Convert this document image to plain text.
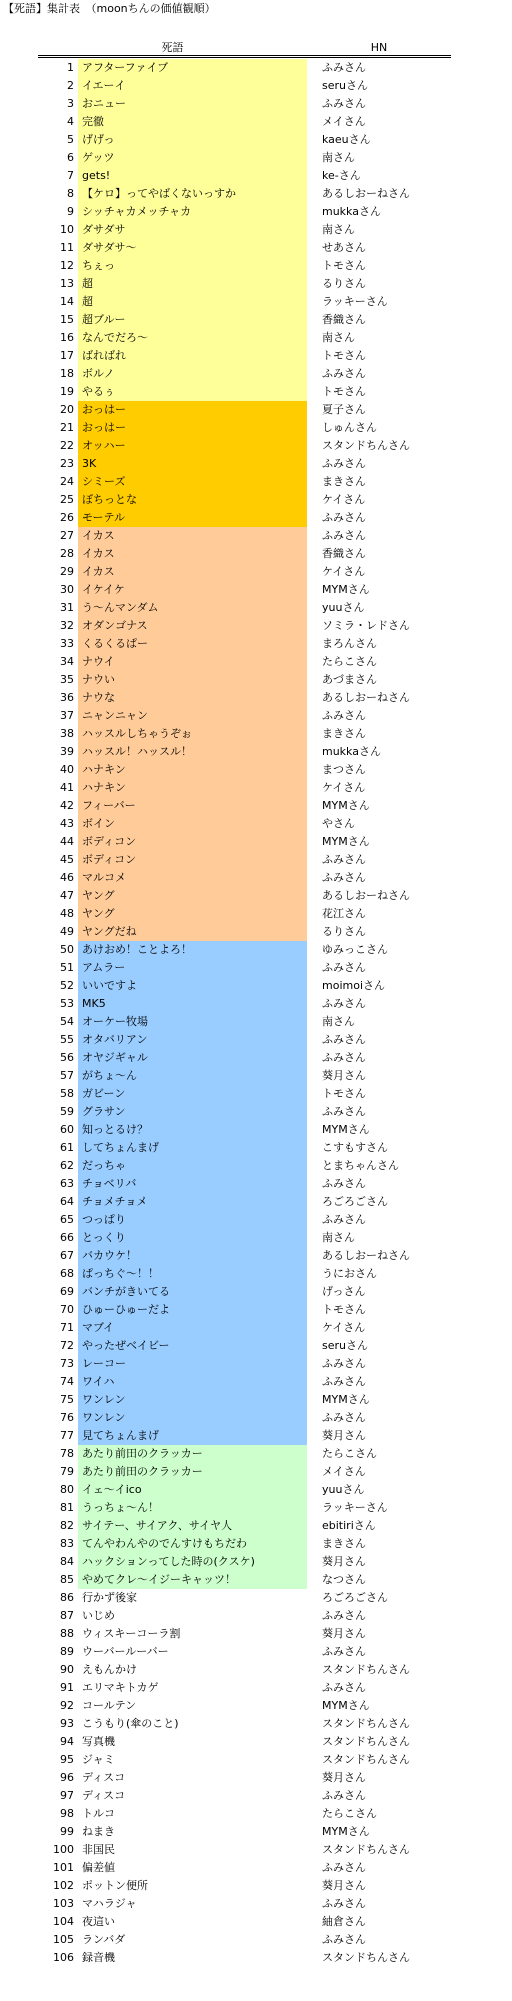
【死語】集計表　（moonちんの価値観順）
死語	HN
1 アフターファイブ	ふみさん
2 イエーイ	seruさん
3 おニュー	ふみさん
4 完徹	メイさん
5 げげっ	kaeuさん
6 ゲッツ	南さん
7 gets!	ke-さん
8 【ケロ】ってやばくないっすか	あるしおーねさん
9 シッチャカメッチャカ	mukkaさん
10 ダサダサ	南さん
11 ダサダサ～	せあさん
12 ちぇっ	トモさん
13 超	るりさん
14 超	ラッキーさん
15 超ブルー	香織さん
16 なんでだろ～	南さん
17 ばればれ	トモさん
18 ボルノ	ふみさん
19 やるぅ	トモさん
20 おっはー	夏子さん
21 おっはー	しゅんさん
22 オッハー	スタンドちんさん
23 3K	ふみさん
24 シミーズ	まきさん
25 ぼちっとな	ケイさん
26 モーテル	ふみさん
27 イカス	ふみさん
28 イカス	香織さん
29 イカス	ケイさん
30 イケイケ	MYMさん
31 う～んマンダム	yuuさん
32 オダンゴナス	ソミラ・レドさん
33 くるくるぱー	まろんさん
34 ナウイ	たらこさん
35 ナウい	あづまさん
36 ナウな	あるしおーねさん
37 ニャンニャン	ふみさん
38 ハッスルしちゃうぞぉ	まきさん
39 ハッスル！ハッスル！	mukkaさん
40 ハナキン	まつさん
41 ハナキン	ケイさん
42 フィーバー	MYMさん
43 ボイン	やさん
44 ボディコン	MYMさん
45 ボディコン	ふみさん
46 マルコメ	ふみさん
47 ヤング	あるしおーねさん
48 ヤング	花江さん
49 ヤングだね	るりさん
50 あけおめ！ことよろ！	ゆみっこさん
51 アムラー	ふみさん
52 いいですよ	moimoiさん
53 MK5	ふみさん
54 オーケー牧場	南さん
55 オタバリアン	ふみさん
56 オヤジギャル	ふみさん
57 がちょ～ん	葵月さん
58 ガビーン	トモさん
59 グラサン	ふみさん
60 知っとるけ？	MYMさん
61 してちょんまげ	こすもすさん
62 だっちゃ	とまちゃんさん
63 チョベリバ	ふみさん
64 チョメチョメ	ろごろごさん
65 つっぱり	ふみさん
66 とっくり	南さん
67 バカウケ！	あるしおーねさん
68 ぱっちぐ～！！	うにおさん
69 バンチがきいてる	げっさん
70 ひゅーひゅーだよ	トモさん
71 マブイ	ケイさん
72 やったぜベイビー	seruさん
73 レーコー	ふみさん
74 ワイハ	ふみさん
75 ワンレン	MYMさん
76 ワンレン	ふみさん
77 見てちょんまげ	葵月さん
78 あたり前田のクラッカー	たらこさん
79 あたり前田のクラッカー	メイさん
80 イェ～イico	yuuさん
81 うっちょ～ん！	ラッキーさん
82 サイテー、サイアク、サイヤ人	ebitiriさん
83 てんやわんやのでんすけもちだわ	まきさん
84 ハックションってした時の(クスケ)	葵月さん
85 やめてクレ～イジーキャッツ！	なつさん
86 行かず後家	ろごろごさん
87 いじめ	ふみさん
88 ウィスキーコーラ割	葵月さん
89 ウーバールーバー	ふみさん
90 えもんかけ	スタンドちんさん
91 エリマキトカゲ	ふみさん
92 コールテン	MYMさん
93 こうもり(傘のこと)	スタンドちんさん
94 写真機	スタンドちんさん
95 ジャミ	スタンドちんさん
96 ディスコ	葵月さん
97 ディスコ	ふみさん
98 トルコ	たらこさん
99 ねまき	MYMさん
100 非国民	スタンドちんさん
101 偏差値	ふみさん
102 ポットン便所	葵月さん
103 マハラジャ	ふみさん
104 夜這い	紬倉さん
105 ランバダ	ふみさん
106 録音機	スタンドちんさん
